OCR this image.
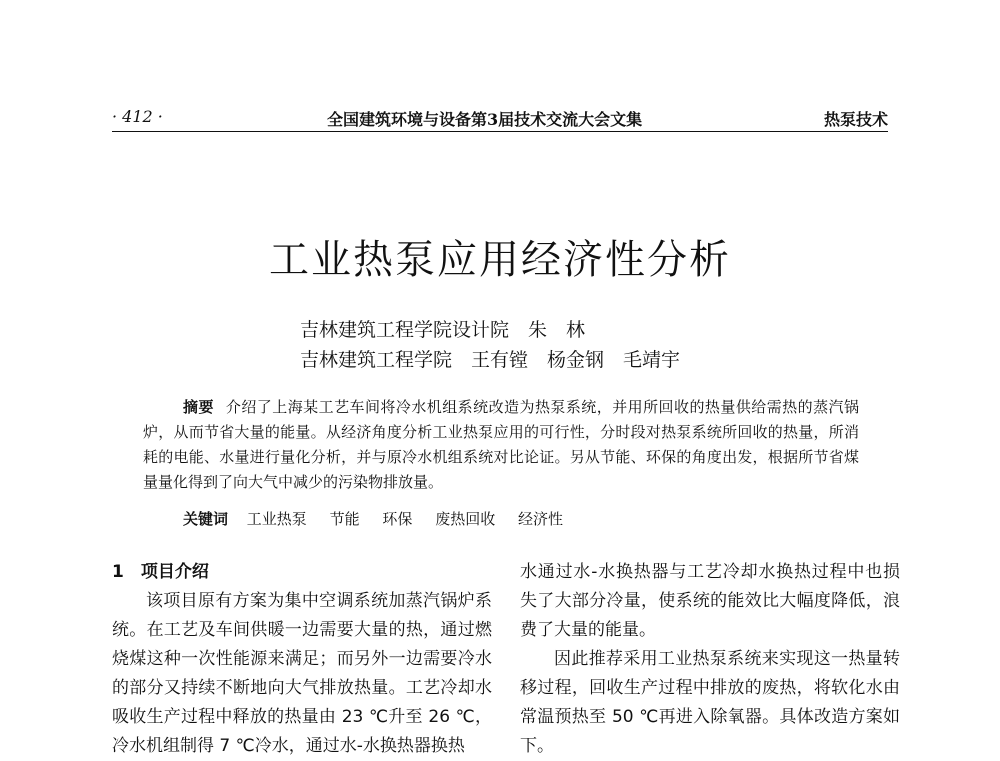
· 412 ·	全国建筑环境与设备第3届技术交流大会文集	热泵技术
工业热泵应用经济性分析
吉林建筑工程学院设计院　朱　林
吉林建筑工程学院　王有镗　杨金钢　毛靖宇
摘要 介绍了上海某工艺车间将冷水机组系统改造为热泵系统，并用所回收的热量供给需热的蒸汽锅炉，从而节省大量的能量。从经济角度分析工业热泵应用的可行性，分时段对热泵系统所回收的热量，所消耗的电能、水量进行量化分析，并与原冷水机组系统对比论证。另从节能、环保的角度出发，根据所节省煤量量化得到了向大气中减少的污染物排放量。
关键词 工业热泵 节能 环保 废热回收 经济性

1　项目介绍

该项目原有方案为集中空调系统加蒸汽锅炉系统。在工艺及车间供暖一边需要大量的热，通过燃烧煤这种一次性能源来满足；而另外一边需要冷水的部分又持续不断地向大气排放热量。工艺冷却水吸收生产过程中释放的热量由 23 ℃升至 26 ℃，冷水机组制得 7 ℃冷水，通过水-水换热器换热

水通过水-水换热器与工艺冷却水换热过程中也损失了大部分冷量，使系统的能效比大幅度降低，浪费了大量的能量。

因此推荐采用工业热泵系统来实现这一热量转移过程，回收生产过程中排放的废热，将软化水由常温预热至 50 ℃再进入除氧器。具体改造方案如下。
